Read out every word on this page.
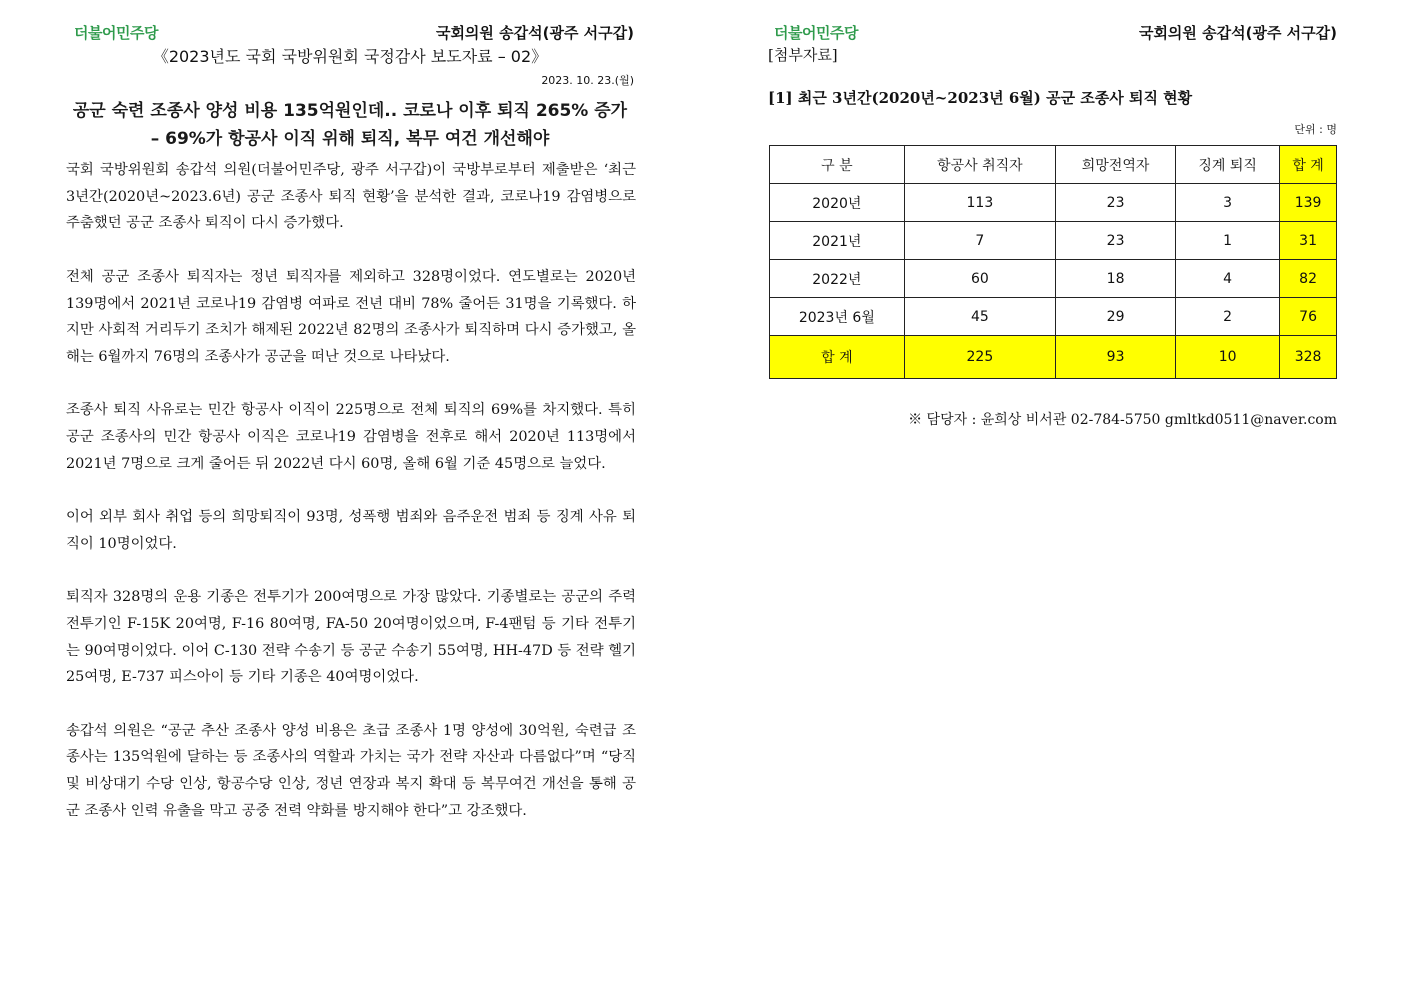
더불어민주당	국회의원 송갑석(광주 서구갑)
《2023년도 국회 국방위원회 국정감사 보도자료 – 02》
2023. 10. 23.(월)
공군 숙련 조종사 양성 비용 135억원인데.. 코로나 이후 퇴직 265% 증가
– 69%가 항공사 이직 위해 퇴직, 복무 여건 개선해야

국회 국방위원회 송갑석 의원(더불어민주당, 광주 서구갑)이 국방부로부터 제출받은 ‘최근 3년간(2020년~2023.6년) 공군 조종사 퇴직 현황’을 분석한 결과, 코로나19 감염병으로 주춤했던 공군 조종사 퇴직이 다시 증가했다.

전체 공군 조종사 퇴직자는 정년 퇴직자를 제외하고 328명이었다. 연도별로는 2020년 139명에서 2021년 코로나19 감염병 여파로 전년 대비 78% 줄어든 31명을 기록했다. 하지만 사회적 거리두기 조치가 해제된 2022년 82명의 조종사가 퇴직하며 다시 증가했고, 올해는 6월까지 76명의 조종사가 공군을 떠난 것으로 나타났다.

조종사 퇴직 사유로는 민간 항공사 이직이 225명으로 전체 퇴직의 69%를 차지했다. 특히 공군 조종사의 민간 항공사 이직은 코로나19 감염병을 전후로 해서 2020년 113명에서 2021년 7명으로 크게 줄어든 뒤 2022년 다시 60명, 올해 6월 기준 45명으로 늘었다.

이어 외부 회사 취업 등의 희망퇴직이 93명, 성폭행 범죄와 음주운전 범죄 등 징계 사유 퇴직이 10명이었다.

퇴직자 328명의 운용 기종은 전투기가 200여명으로 가장 많았다. 기종별로는 공군의 주력 전투기인 F-15K 20여명, F-16 80여명, FA-50 20여명이었으며, F-4팬텀 등 기타 전투기는 90여명이었다. 이어 C-130 전략 수송기 등 공군 수송기 55여명, HH-47D 등 전략 헬기 25여명, E-737 피스아이 등 기타 기종은 40여명이었다.

송갑석 의원은 “공군 추산 조종사 양성 비용은 초급 조종사 1명 양성에 30억원, 숙련급 조종사는 135억원에 달하는 등 조종사의 역할과 가치는 국가 전략 자산과 다름없다”며 “당직 및 비상대기 수당 인상, 항공수당 인상, 정년 연장과 복지 확대 등 복무여건 개선을 통해 공군 조종사 인력 유출을 막고 공중 전력 약화를 방지해야 한다”고 강조했다.

더불어민주당	국회의원 송갑석(광주 서구갑)
[첨부자료]
[1] 최근 3년간(2020년~2023년 6월) 공군 조종사 퇴직 현황
단위 : 명
구 분	항공사 취직자	희망전역자	징계 퇴직	합 계
2020년	113	23	3	139
2021년	7	23	1	31
2022년	60	18	4	82
2023년 6월	45	29	2	76
합 계	225	93	10	328
※ 담당자 : 윤희상 비서관 02-784-5750 gmltkd0511@naver.com
